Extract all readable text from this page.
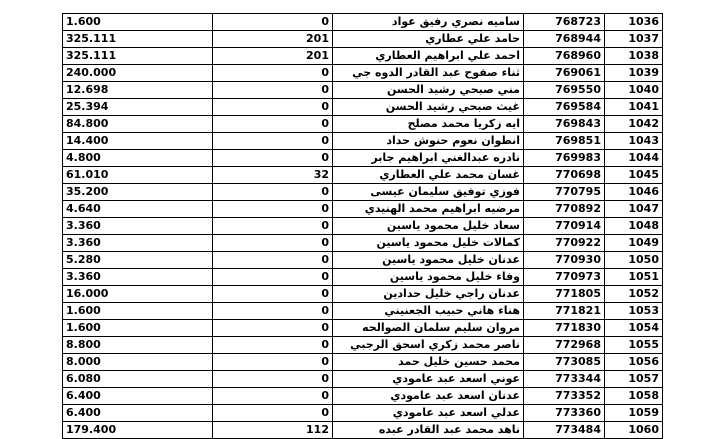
1.600	0	ساميه نصري رفيق عواد	768723	1036
325.111	201	حامد علي عطاري	768944	1037
325.111	201	احمد علي ابراهيم العطاري	768960	1038
240.000	0	ثناء صفوح عبد القادر الدوه جي	769061	1039
12.698	0	مني صبحي رشيد الحسن	769550	1040
25.394	0	غيث صبحي رشيد الحسن	769584	1041
84.800	0	ايه زكريا محمد مصلح	769843	1042
14.400	0	انطوان نعوم حنوش حداد	769851	1043
4.800	0	نادره عبدالغني ابراهيم جابر	769983	1044
61.010	32	غسان محمد علي العطاري	770698	1045
35.200	0	فوزي توفيق سليمان عيسى	770795	1046
4.640	0	مرضيه ابراهيم محمد الهنيدي	770892	1047
3.360	0	سعاد خليل محمود ياسين	770914	1048
3.360	0	كمالات خليل محمود ياسين	770922	1049
5.280	0	عدنان خليل محمود ياسين	770930	1050
3.360	0	وفاء خليل محمود ياسين	770973	1051
16.000	0	عدنان راجي خليل حدادين	771805	1052
1.600	0	هناء هاني حبيب الجعنيني	771821	1053
1.600	0	مروان سليم سلمان الصوالحه	771830	1054
8.800	0	ناصر محمد زكري اسحق الرجبي	772968	1055
8.000	0	محمد حسين خليل حمد	773085	1056
6.080	0	عوني اسعد عبد عامودي	773344	1057
6.400	0	عدنان اسعد عبد عامودي	773352	1058
6.400	0	عدلي اسعد عبد عامودي	773360	1059
179.400	112	ناهد محمد عبد القادر عبده	773484	1060
